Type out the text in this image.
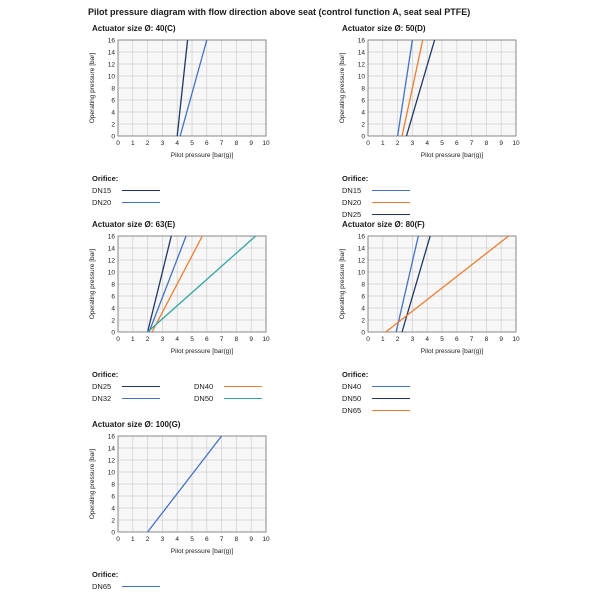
Pilot pressure diagram with flow direction above seat (control function A, seat seal PTFE)
Actuator size Ø: 40(C)
0 1 2 3 4 5 6 7 8 9 10
0
2
4
6
8
10
12
14
16
Operating pressure [bar]
Pilot pressure [bar(g)]
Orifice:
DN15
DN20
Actuator size Ø: 50(D)
0 1 2 3 4 5 6 7 8 9 10
0
2
4
6
8
10
12
14
16
Operating pressure [bar]
Pilot pressure [bar(g)]
Orifice:
DN15
DN20
DN25
Actuator size Ø: 63(E)
0 1 2 3 4 5 6 7 8 9 10
0
2
4
6
8
10
12
14
16
Operating pressure [bar]
Pilot pressure [bar(g)]
Orifice:
DN25
DN32
DN40
DN50
Actuator size Ø: 80(F)
0 1 2 3 4 5 6 7 8 9 10
0
2
4
6
8
10
12
14
16
Operating pressure [bar]
Pilot pressure [bar(g)]
Orifice:
DN40
DN50
DN65
Actuator size Ø: 100(G)
0 1 2 3 4 5 6 7 8 9 10
0
2
4
6
8
10
12
14
16
Operating pressure [bar]
Pilot pressure [bar(g)]
Orifice:
DN65
